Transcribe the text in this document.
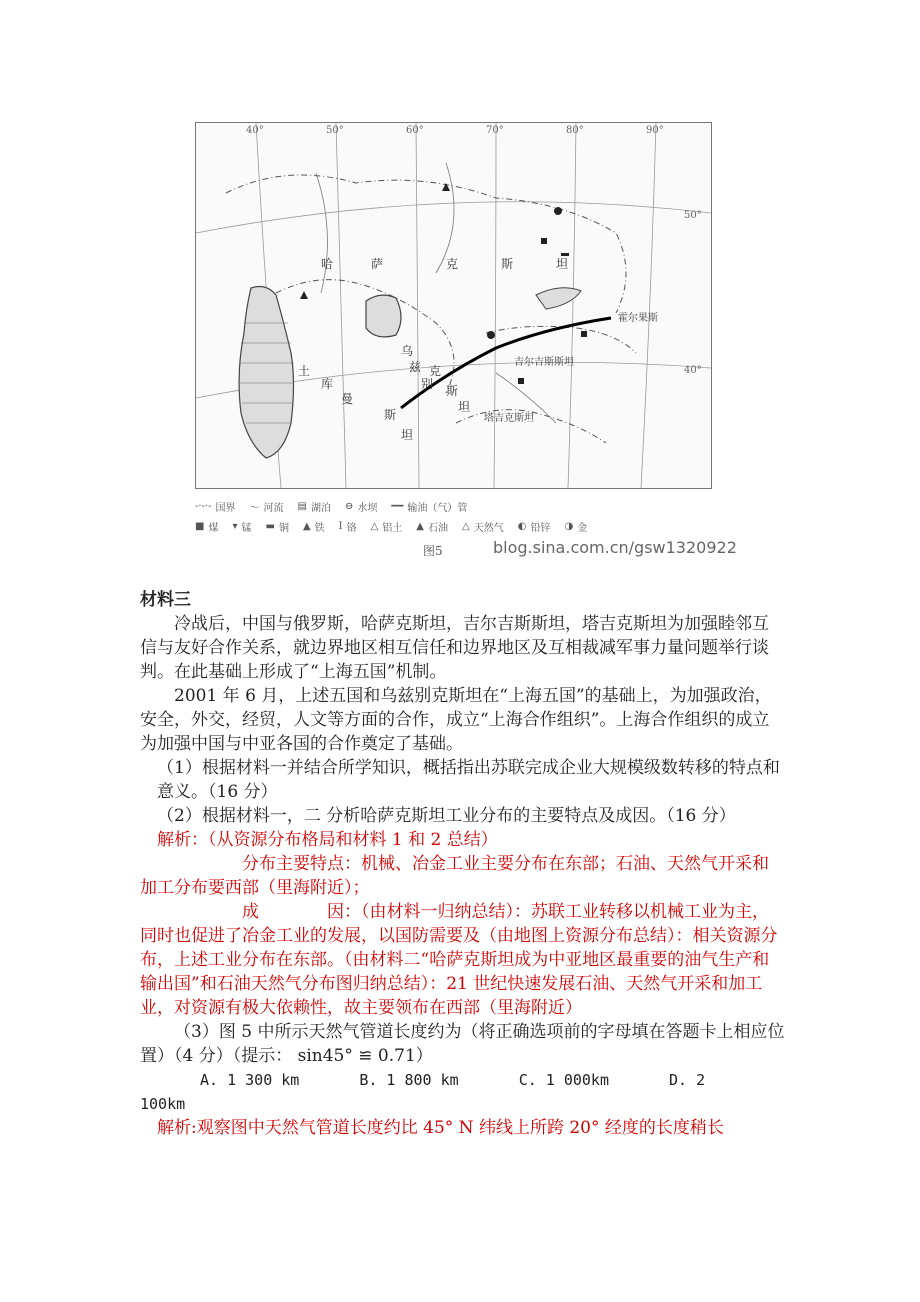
40°	50°	60°	70°	80°	90°
50°
40°
哈	萨	克	斯	坦
乌
兹
别
克
斯
坦
土
库
曼
斯
坦
吉尔吉斯斯坦
塔吉克斯坦
霍尔果斯
-·-·- 国界 ～ 河流 ▤ 湖泊 ⊖ 水坝 ━━ 输油（气）管
■ 煤 ▾ 锰 ▬ 铜 ▲ 铁 Ⅰ 铬 △ 铝土 ▲ 石油 △ 天然气 ◐ 铅锌 ◑ 金
图5	blog.sina.com.cn/gsw1320922

材料三

冷战后，中国与俄罗斯，哈萨克斯坦，吉尔吉斯斯坦，塔吉克斯坦为加强睦邻互信与友好合作关系，就边界地区相互信任和边界地区及互相裁减军事力量问题举行谈判。在此基础上形成了“上海五国”机制。

2001 年 6 月，上述五国和乌兹别克斯坦在“上海五国”的基础上，为加强政治，安全，外交，经贸，人文等方面的合作，成立“上海合作组织”。上海合作组织的成立为加强中国与中亚各国的合作奠定了基础。

（1）根据材料一并结合所学知识，概括指出苏联完成企业大规模级数转移的特点和意义。（16 分）

（2）根据材料一，二 分析哈萨克斯坦工业分布的主要特点及成因。（16 分）

解析：（从资源分布格局和材料 1 和 2 总结）

分布主要特点：机械、冶金工业主要分布在东部；石油、天然气开采和加工分布要西部（里海附近）；

成　　　　因：（由材料一归纳总结）：苏联工业转移以机械工业为主，同时也促进了冶金工业的发展，以国防需要及（由地图上资源分布总结）：相关资源分布，上述工业分布在东部。（由材料二“哈萨克斯坦成为中亚地区最重要的油气生产和输出国”和石油天然气分布图归纳总结）：21 世纪快速发展石油、天然气开采和加工业，对资源有极大依赖性，故主要领布在西部（里海附近）

（3）图 5 中所示天然气管道长度约为（将正确选项前的字母填在答题卡上相应位置）（4 分）（提示： sin45° ≌ 0.71）

A. 1 300 km	B. 1 800 km	C. 1 000km	D. 2

100km

解析:观察图中天然气管道长度约比 45° N 纬线上所跨 20° 经度的长度稍长
